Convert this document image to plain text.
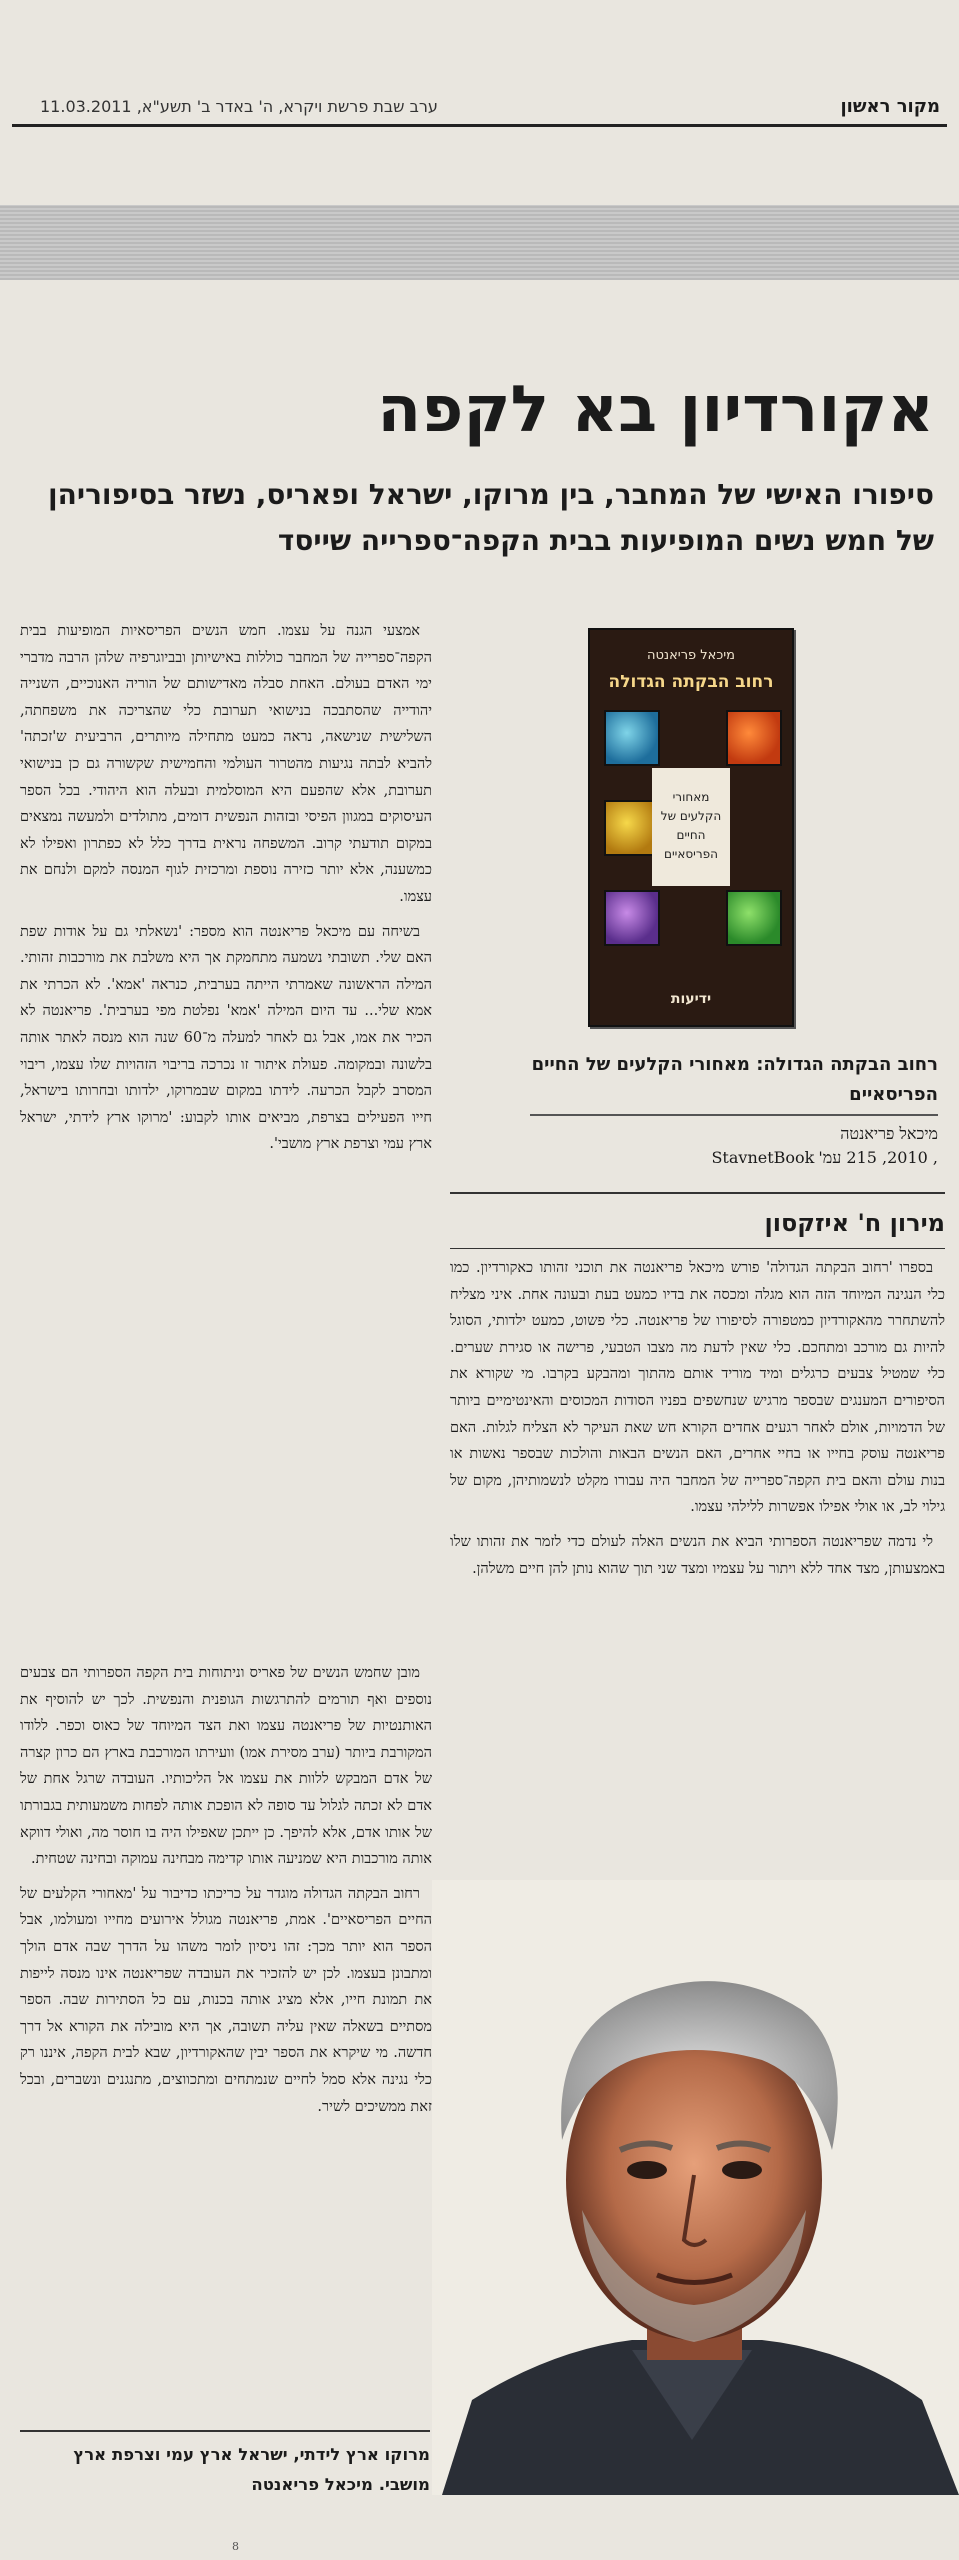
מקור ראשון
ערב שבת פרשת ויקרא, ה' באדר ב' תשע"א, 11.03.2011
אקורדיון בא לקפה

סיפורו האישי של המחבר, בין מרוקו, ישראל ופאריס, נשזר בסיפוריהן של חמש נשים המופיעות בבית הקפה־ספרייה שייסד

מיכאל פריאנטה
רחוב הבקתה הגדולה
מאחורי הקלעים של החיים הפריסאיים
ידיעות
רחוב הבקתה הגדולה: מאחורי הקלעים של החיים הפריסאיים
מיכאל פריאנטה
, 2010, 215 עמ'
StavnetBook
מירון ח' איזקסון

אמצעי הגנה על עצמו. חמש הנשים הפריסאיות המופיעות בבית הקפה־ספרייה של המחבר כוללות באישיותן ובביוגרפיה שלהן הרבה מדברי ימי האדם בעולם. האחת סבלה מאדישותם של הוריה האנוכיים, השנייה יהודייה שהסתבכה בנישואי תערובת כלי שהצריכה את משפחתה, השלישית שנישאה, נראה כמעט מתחילה מיותרים, הרביעית ש'זכתה' להביא לבתה נגיעות מהטרור העולמי והחמישית שקשורה גם כן בנישואי תערובת, אלא שהפעם היא המוסלמית ובעלה הוא היהודי. בכל הספר העיסוקים במגוון הפיסי ובזהות הנפשית דומים, מתולדים ולמעשה נמצאים במקום תודעתי קרוב. המשפחה נראית בדרך כלל לא כפתרון ואפילו לא כמשענה, אלא יותר כזירה נוספת ומרכזית לגוף המנסה למקם ולנחם את עצמו.

בשיחה עם מיכאל פריאנטה הוא מספר: 'נשאלתי גם על אודות שפת האם שלי. תשובתי נשמעה מתחמקת אך היא משלבת את מורכבות זהותי. המילה הראשונה שאמרתי הייתה בערבית, כנראה 'אמא'. לא הכרתי את אמא שלי... עד היום המילה 'אמא' נפלטת מפי בערבית'. פריאנטה לא הכיר את אמו, אבל גם לאחר למעלה מ־60 שנה הוא מנסה לאתר אותה בלשונה ובמקומה. פעולת איתור זו נכרכה בריבוי הזהויות שלו עצמו, ריבוי המסרב לקבל הכרעה. לידתו במקום שבמרוקו, ילדותו ובחרותו בישראל, חייו הפעילים בצרפת, מביאים אותו לקבוע: 'מרוקו ארץ לידתי, ישראל ארץ עמי וצרפת ארץ מושבי'.

מובן שחמש הנשים של פאריס וניתוחות בית הקפה הספרותי הם צבעים נוספים ואף תורמים להתרגשות הגופנית והנפשית. לכך יש להוסיף את האותנטיות של פריאנטה עצמו ואת הצד המיוחד של כאוס וכפר. ללודו המקורבת ביותר (ערב מסירת אמו) וועירתו המורכבת בארץ הם כרון קצרה של אדם המבקש ללוות את עצמו אל הליכותיו. העובדה שרגל אחת של אדם לא זכתה לגלול עד סופה לא הופכת אותה לפחות משמעותית בגבורתו של אותו אדם, אלא להיפך. כן ייתכן שאפילו היה בו חוסר מה, ואולי דווקא אותה מורכבות היא שמניעה אותו קדימה מבחינה עמוקה ובחינה שטחית.

רחוב הבקתה הגדולה מוגדר על כריכתו כדיבור על 'מאחורי הקלעים של החיים הפריסאיים'. אמת, פריאנטה מגולל אירועים מחייו ומעולמו, אבל הספר הוא יותר מכך: זהו ניסיון לומר משהו על הדרך שבה אדם הולך ומתבונן בעצמו. לכן יש להזכיר את העובדה שפריאנטה אינו מנסה לייפות את תמונת חייו, אלא מציג אותה בכנות, עם כל הסתירות שבה. הספר מסתיים בשאלה שאין עליה תשובה, אך היא מובילה את הקורא אל דרך חדשה. מי שיקרא את הספר יבין שהאקורדיון, שבא לבית הקפה, איננו רק כלי נגינה אלא סמל לחיים שנמתחים ומתכווצים, מתנגנים ונשברים, ובכל זאת ממשיכים לשיר.

בספרו 'רחוב הבקתה הגדולה' פורש מיכאל פריאנטה את תוכני זהותו כאקורדיון. כמו כלי הנגינה המיוחד הזה הוא מגלה ומכסה את בדיו כמעט בעת ובעונה אחת. איני מצליח להשתחרר מהאקורדיון כמטפורה לסיפורו של פריאנטה. כלי פשוט, כמעט ילדותי, הסוגל להיות גם מורכב ומתחכם. כלי שאין לדעת מה מצבו הטבעי, פרישה או סגירת שערים. כלי שמטיל צבעים כרגלים ומיד מוריד אותם מהתוך ומהבקע בקרבו. מי שקורא את הסיפורים המענגים שבספר מרגיש שנחשפים בפניו הסודות המכוסים והאינטימיים ביותר של הדמויות, אולם לאחר רגעים אחדים הקורא חש שאת העיקר לא הצליח לגלות. האם פריאנטה עוסק בחייו או בחיי אחרים, האם הנשים הבאות והולכות שבספר נאשות או בנות עולם והאם בית הקפה־ספרייה של המחבר היה עבורו מקלט לנשמותיהן, מקום של גילוי לב, או אולי אפילו אפשרות ללילהי עצמו.

לי נדמה שפריאנטה הספרותי הביא את הנשים האלה לעולם כדי לזמר את זהותו שלו באמצעותן, מצד אחד ללא ויתור על עצמיו ומצד שני תוך שהוא נותן להן חיים משלהן.

מרוקו ארץ לידתי, ישראל ארץ עמי וצרפת ארץ מושבי. מיכאל פריאנטה
8
